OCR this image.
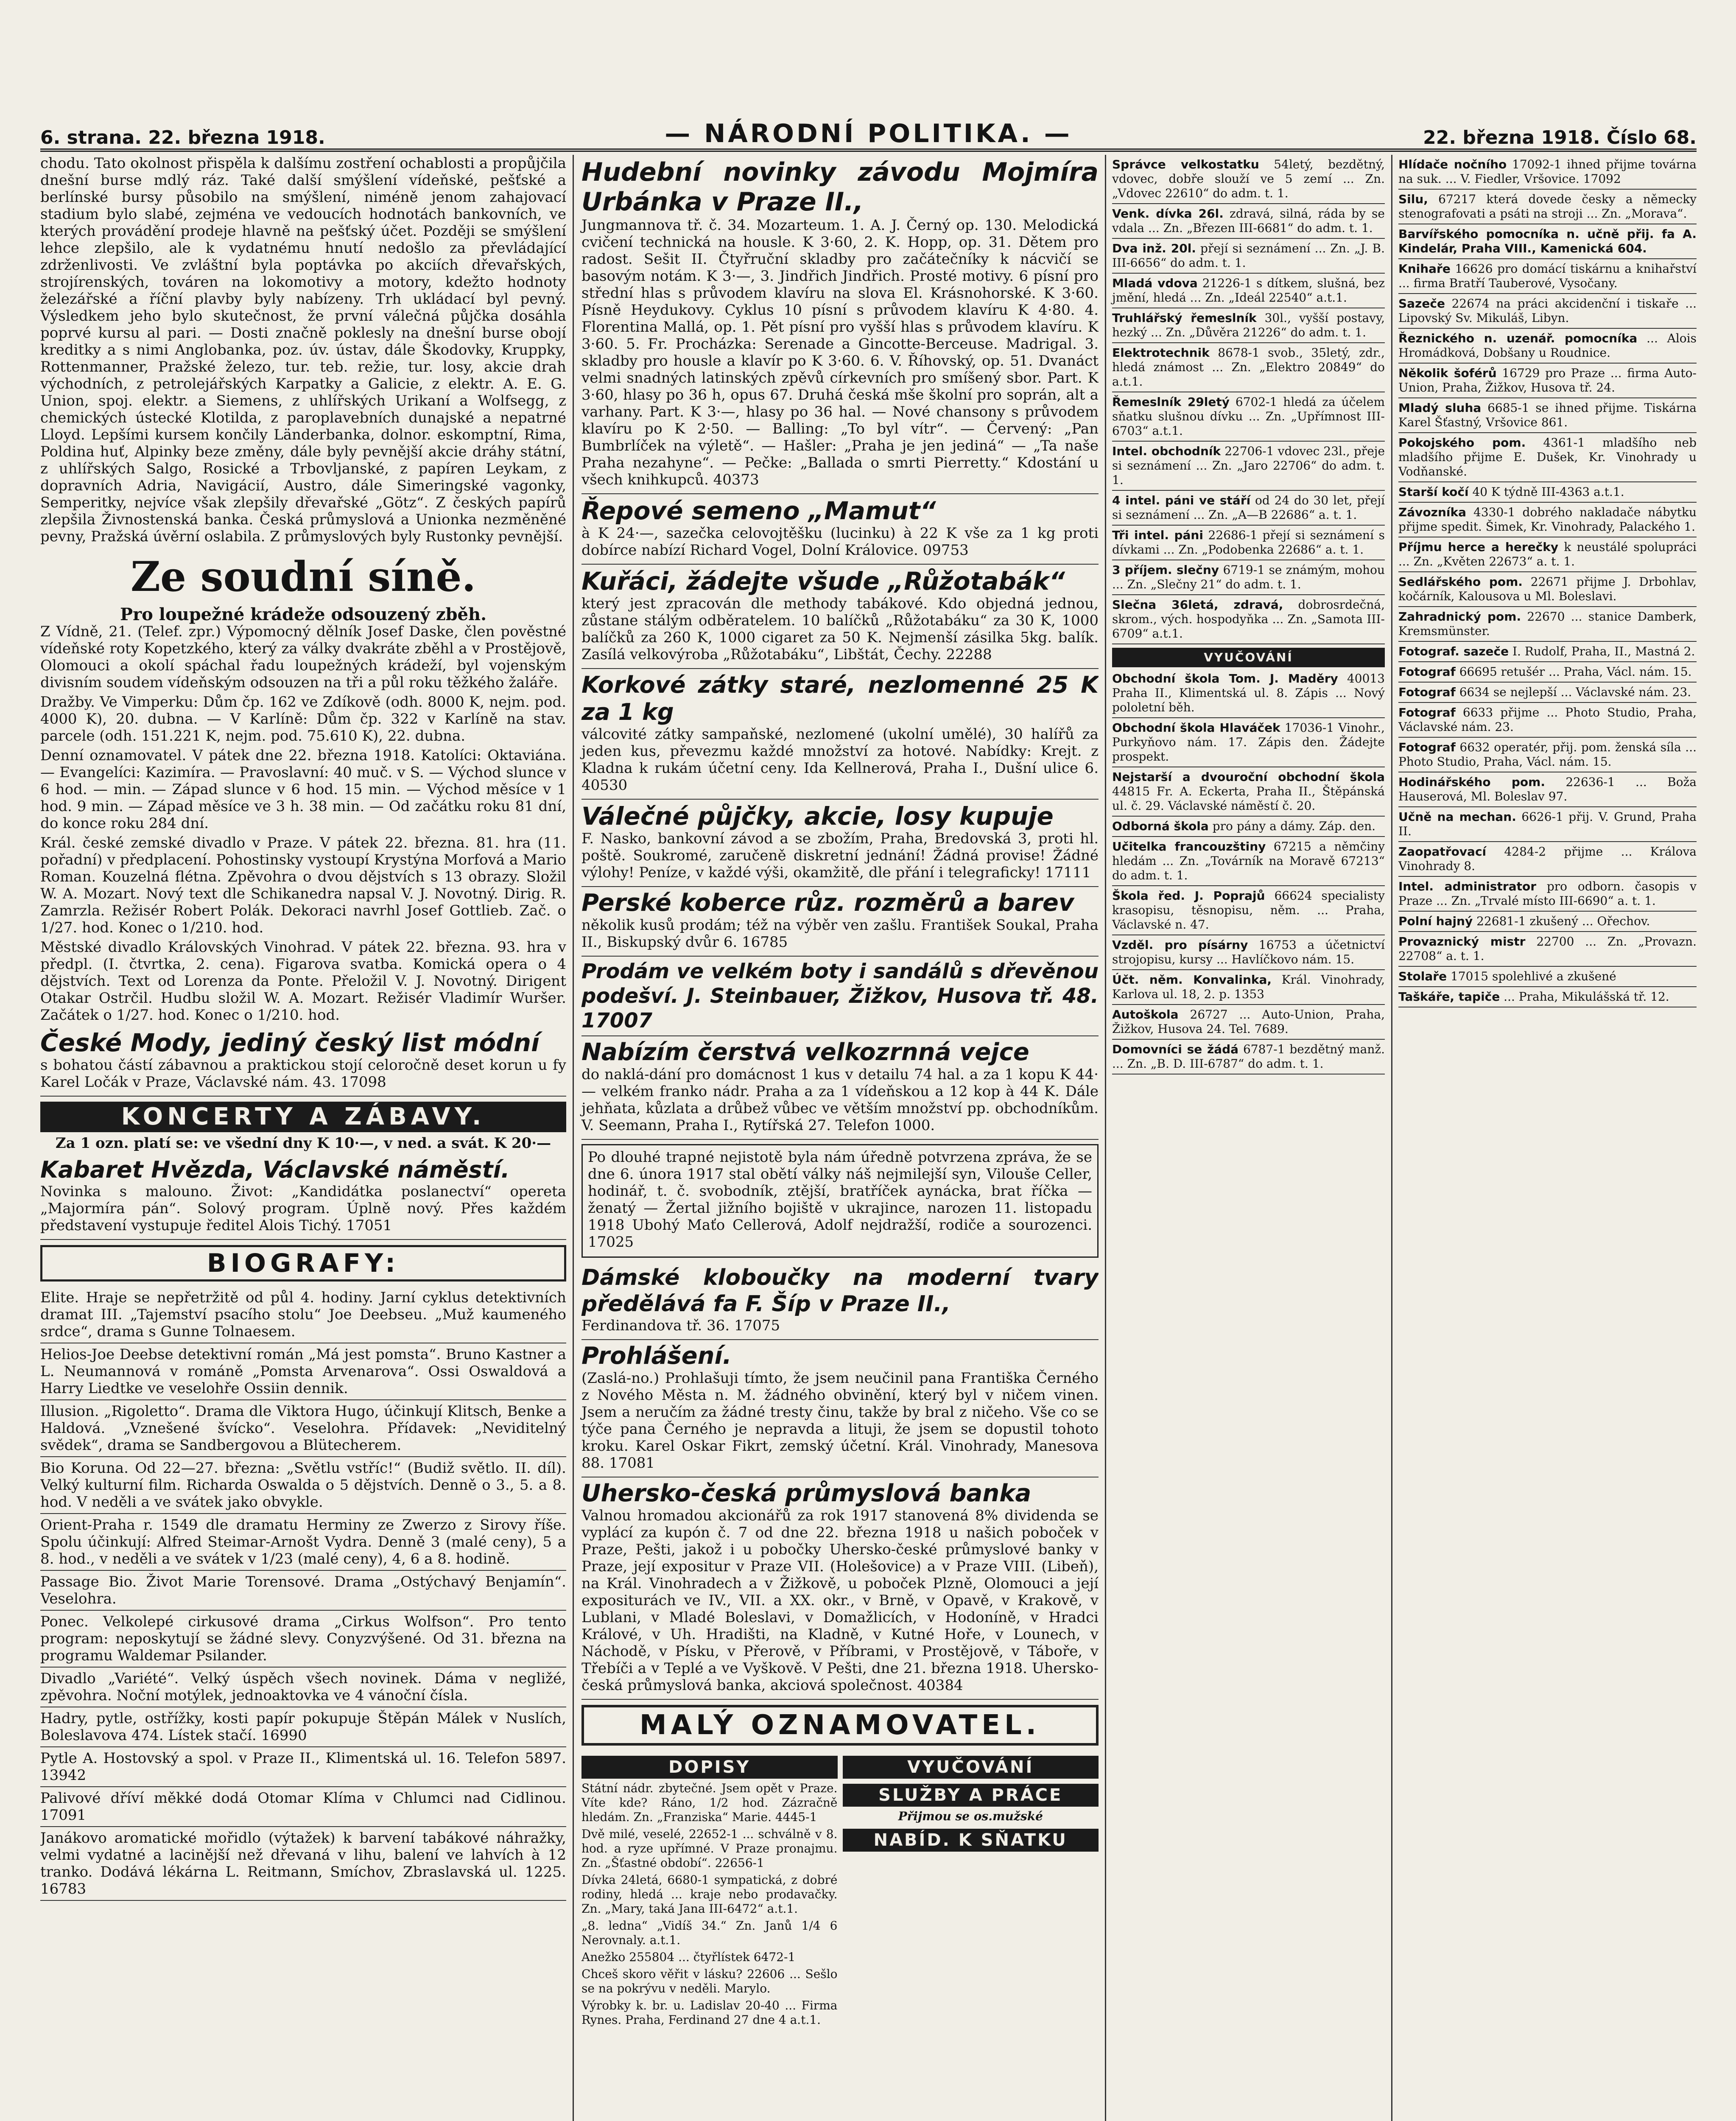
6. strana. 22. března 1918.	— NÁRODNÍ POLITIKA. —	22. března 1918. Číslo 68.

chodu. Tato okolnost přispěla k dalšímu zostření ochablosti a propůjčila dnešní burse mdlý ráz. Také další smýšlení vídeňské, pešťské a berlínské bursy působilo na smýšlení, niméně jenom zahajovací stadium bylo slabé, zejména ve vedoucích hodnotách bankovních, ve kterých provádění prodeje hlavně na pešťský účet. Později se smýšlení lehce zlepšilo, ale k vydatnému hnutí nedošlo za převládající zdrženlivosti. Ve zvláštní byla poptávka po akciích dřevařských, strojírenských, továren na lokomotivy a motory, kdežto hodnoty železářské a říční plavby byly nabízeny. Trh ukládací byl pevný. Výsledkem jeho bylo skutečnost, že první válečná půjčka dosáhla poprvé kursu al pari. — Dosti značně poklesly na dnešní burse obojí kreditky a s nimi Anglobanka, poz. úv. ústav, dále Škodovky, Kruppky, Rottenmanner, Pražské železo, tur. teb. režie, tur. losy, akcie drah východních, z petrolejářských Karpatky a Galicie, z elektr. A. E. G. Union, spoj. elektr. a Siemens, z uhlířských Urikaní a Wolfsegg, z chemických ústecké Klotilda, z paroplavebních dunajské a nepatrné Lloyd. Lepšími kursem končily Länderbanka, dolnor. eskomptní, Rima, Poldina huť, Alpinky beze změny, dále byly pevnější akcie dráhy státní, z uhlířských Salgo, Rosické a Trbovljanské, z papíren Leykam, z dopravních Adria, Navigácií, Austro, dále Simeringské vagonky, Semperitky, nejvíce však zlepšily dřevařské „Götz“. Z českých papírů zlepšila Živnostenská banka. Česká průmyslová a Unionka nezměněné pevny, Pražská úvěrní oslabila. Z průmyslových byly Rustonky pevnější.

Ze soudní síně.
Pro loupežné krádeže odsouzený zběh.

Z Vídně, 21. (Telef. zpr.) Výpomocný dělník Josef Daske, člen pověstné vídeňské roty Kopetzkého, který za války dvakráte zběhl a v Prostějově, Olomouci a okolí spáchal řadu loupežných krádeží, byl vojenským divisním soudem vídeňským odsouzen na tři a půl roku těžkého žaláře.

Dražby. Ve Vimperku: Dům čp. 162 ve Zdíkově (odh. 8000 K, nejm. pod. 4000 K), 20. dubna. — V Karlíně: Dům čp. 322 v Karlíně na stav. parcele (odh. 151.221 K, nejm. pod. 75.610 K), 22. dubna.

Denní oznamovatel. V pátek dne 22. března 1918. Katolíci: Oktaviána. — Evangelíci: Kazimíra. — Pravoslavní: 40 muč. v S. — Východ slunce v 6 hod. — min. — Západ slunce v 6 hod. 15 min. — Východ měsíce v 1 hod. 9 min. — Západ měsíce ve 3 h. 38 min. — Od začátku roku 81 dní, do konce roku 284 dní.

Král. české zemské divadlo v Praze. V pátek 22. března. 81. hra (11. pořadní) v předplacení. Pohostinsky vystoupí Krystýna Morfová a Mario Roman. Kouzelná flétna. Zpěvohra o dvou dějstvích s 13 obrazy. Složil W. A. Mozart. Nový text dle Schikanedra napsal V. J. Novotný. Dirig. R. Zamrzla. Režisér Robert Polák. Dekoraci navrhl Josef Gottlieb. Zač. o 1/27. hod. Konec o 1/210. hod.

Městské divadlo Královských Vinohrad. V pátek 22. března. 93. hra v předpl. (I. čtvrtka, 2. cena). Figarova svatba. Komická opera o 4 dějstvích. Text od Lorenza da Ponte. Přeložil V. J. Novotný. Dirigent Otakar Ostrčil. Hudbu složil W. A. Mozart. Režisér Vladimír Wuršer. Začátek o 1/27. hod. Konec o 1/210. hod.

České Mody, jediný český list módní

s bohatou částí zábavnou a praktickou stojí celoročně deset korun u fy Karel Ločák v Praze, Václavské nám. 43. 17098

KONCERTY A ZÁBAVY.

Za 1 ozn. platí se: ve všední dny K 10·—, v ned. a svát. K 20·—

Kabaret Hvězda, Václavské náměstí.

Novinka s malouno. Život: „Kandidátka poslanectví“ opereta „Majormíra pán“. Solový program. Úplně nový. Přes každém představení vystupuje ředitel Alois Tichý. 17051

BIOGRAFY:
Elite. Hraje se nepřetržitě od půl 4. hodiny. Jarní cyklus detektivních dramat III. „Tajemství psacího stolu“ Joe Deebseu. „Muž kaumeného srdce“, drama s Gunne Tolnaesem.
Helios-Joe Deebse detektivní román „Má jest pomsta“. Bruno Kastner a L. Neumannová v románě „Pomsta Arvenarova“. Ossi Oswaldová a Harry Liedtke ve veselohře Ossiin dennik.
Illusion. „Rigoletto“. Drama dle Viktora Hugo, účinkují Klitsch, Benke a Haldová. „Vznešené švícko“. Veselohra. Přídavek: „Neviditelný svědek“, drama se Sandbergovou a Blütecherem.
Bio Koruna. Od 22—27. března: „Světlu vstříc!“ (Budiž světlo. II. díl). Velký kulturní film. Richarda Oswalda o 5 dějstvích. Denně o 3., 5. a 8. hod. V neděli a ve svátek jako obvykle.
Orient-Praha r. 1549 dle dramatu Herminy ze Zwerzo z Sirovy říše. Spolu účinkují: Alfred Steimar-Arnošt Vydra. Denně 3 (malé ceny), 5 a 8. hod., v neděli a ve svátek v 1/23 (malé ceny), 4, 6 a 8. hodině.
Passage Bio. Život Marie Torensové. Drama „Ostýchavý Benjamín“. Veselohra.
Ponec. Velkolepé cirkusové drama „Cirkus Wolfson“. Pro tento program: neposkytují se žádné slevy. Conyzvýšené. Od 31. března na programu Waldemar Psilander.
Divadlo „Variété“. Velký úspěch všech novinek. Dáma v negližé, zpěvohra. Noční motýlek, jednoaktovka ve 4 vánoční čísla.
Hadry, pytle, ostřížky, kosti papír pokupuje Štěpán Málek v Nuslích, Boleslavova 474. Lístek stačí. 16990
Pytle A. Hostovský a spol. v Praze II., Klimentská ul. 16. Telefon 5897. 13942
Palivové dříví měkké dodá Otomar Klíma v Chlumci nad Cidlinou. 17091
Janákovo aromatické mořidlo (výtažek) k barvení tabákové náhražky, velmi vydatné a lacinější než dřevaná v lihu, balení ve lahvích à 12 tranko. Dodává lékárna L. Reitmann, Smíchov, Zbraslavská ul. 1225. 16783
Hudební novinky závodu Mojmíra Urbánka v Praze II.,

Jungmannova tř. č. 34. Mozarteum. 1. A. J. Černý op. 130. Melodická cvičení technická na housle. K 3·60, 2. K. Hopp, op. 31. Dětem pro radost. Sešit II. Čtyřruční skladby pro začátečníky k nácvičí se basovým notám. K 3·—, 3. Jindřich Jindřich. Prosté motivy. 6 písní pro střední hlas s průvodem klavíru na slova El. Krásnohorské. K 3·60. Písně Heydukovy. Cyklus 10 písní s průvodem klavíru K 4·80. 4. Florentina Mallá, op. 1. Pět písní pro vyšší hlas s průvodem klavíru. K 3·60. 5. Fr. Procházka: Serenade a Gincotte-Berceuse. Madrigal. 3. skladby pro housle a klavír po K 3·60. 6. V. Říhovský, op. 51. Dvanáct velmi snadných latinských zpěvů církevních pro smíšený sbor. Part. K 3·60, hlasy po 36 h, opus 67. Druhá česká mše školní pro soprán, alt a varhany. Part. K 3·—, hlasy po 36 hal. — Nové chansony s průvodem klavíru po K 2·50. — Balling: „To byl vítr“. — Červený: „Pan Bumbrlíček na výletě“. — Hašler: „Praha je jen jediná“ — „Ta naše Praha nezahyne“. — Pečke: „Ballada o smrti Pierretty.“ Kdostání u všech knihkupců. 40373

Řepové semeno „Mamut“

à K 24·—, sazečka celovojtěšku (lucinku) à 22 K vše za 1 kg proti dobírce nabízí Richard Vogel, Dolní Královice. 09753

Kuřáci, žádejte všude „Růžotabák“

který jest zpracován dle methody tabákové. Kdo objedná jednou, zůstane stálým odběratelem. 10 balíčků „Růžotabáku“ za 30 K, 1000 balíčků za 260 K, 1000 cigaret za 50 K. Nejmenší zásilka 5kg. balík. Zasílá velkovýroba „Růžotabáku“, Libštát, Čechy. 22288

Korkové zátky staré, nezlomenné 25 K za 1 kg

válcovité zátky sampaňské, nezlomené (ukolní umělé), 30 halířů za jeden kus, převezmu každé množství za hotové. Nabídky: Krejt. z Kladna k rukám účetní ceny. Ida Kellnerová, Praha I., Dušní ulice 6. 40530

Válečné půjčky, akcie, losy kupuje

F. Nasko, bankovní závod a se zbožím, Praha, Bredovská 3, proti hl. poště. Soukromé, zaručeně diskretní jednání! Žádná provise! Žádné výlohy! Peníze, v každé výši, okamžitě, dle přání i telegraficky! 17111

Perské koberce růz. rozměrů a barev

několik kusů prodám; též na výběr ven zašlu. František Soukal, Praha II., Biskupský dvůr 6. 16785

Prodám ve velkém boty i sandálů s dřevěnou podešví. J. Steinbauer, Žižkov, Husova tř. 48. 17007
Nabízím čerstvá velkozrnná vejce

do naklá-dání pro domácnost 1 kus v detailu 74 hal. a za 1 kopu K 44·— velkém franko nádr. Praha a za 1 vídeňskou a 12 kop à 44 K. Dále jehňata, kůzlata a drůbež vůbec ve větším množství pp. obchodníkům. V. Seemann, Praha I., Rytířská 27. Telefon 1000.

Po dlouhé trapné nejistotě byla nám úředně potvrzena zpráva, že se dne 6. února 1917 stal obětí války náš nejmilejší syn, Vilouše Celler, hodinář, t. č. svobodník, ztější, bratříček aynácka, brat říčka — ženatý — Žertal jižního bojiště v ukrajince, narozen 11. listopadu 1918 Ubohý Maťo Cellerová, Adolf nejdražší, rodiče a sourozenci. 17025

Dámské kloboučky na moderní tvary předělává fa F. Šíp v Praze II.,

Ferdinandova tř. 36. 17075

Prohlášení.

(Zaslá-no.) Prohlašuji tímto, že jsem neučinil pana Františka Černého z Nového Města n. M. žádného obvinění, který byl v ničem vinen. Jsem a neručím za žádné tresty činu, takže by bral z ničeho. Vše co se týče pana Černého je nepravda a lituji, že jsem se dopustil tohoto kroku. Karel Oskar Fikrt, zemský účetní. Král. Vinohrady, Manesova 88. 17081

Uhersko-česká průmyslová banka

Valnou hromadou akcionářů za rok 1917 stanovená 8% dividenda se vyplácí za kupón č. 7 od dne 22. března 1918 u našich poboček v Praze, Pešti, jakož i u pobočky Uhersko-české průmyslové banky v Praze, její expositur v Praze VII. (Holešovice) a v Praze VIII. (Libeň), na Král. Vinohradech a v Žižkově, u poboček Plzně, Olomouci a její expositurách ve IV., VII. a XX. okr., v Brně, v Opavě, v Krakově, v Lublani, v Mladé Boleslavi, v Domažlicích, v Hodoníně, v Hradci Králové, v Uh. Hradišti, na Kladně, v Kutné Hoře, v Lounech, v Náchodě, v Písku, v Přerově, v Příbrami, v Prostějově, v Táboře, v Třebíči a v Teplé a ve Vyškově. V Pešti, dne 21. března 1918. Uhersko-česká průmyslová banka, akciová společnost. 40384

MALÝ OZNAMOVATEL.
DOPISY

Státní nádr. zbytečné. Jsem opět v Praze. Víte kde? Ráno, 1/2 hod. Zázračně hledám. Zn. „Franziska“ Marie. 4445-1

Dvě milé, veselé, 22652-1 ... schválně v 8. hod. a ryze upřímné. V Praze pronajmu. Zn. „Šťastné období“. 22656-1

Dívka 24letá, 6680-1 sympatická, z dobré rodiny, hledá ... kraje nebo prodavačky. Zn. „Mary, taká Jana III-6472“ a.t.1.

„8. ledna“ „Vidíš 34.“ Zn. Janů 1/4 6 Nerovnaly. a.t.1.

Anežko 255804 ... čtyřlístek 6472-1

Chceš skoro věřit v lásku? 22606 ... Sešlo se na pokrývu v neděli. Marylo.

Výrobky k. br. u. Ladislav 20-40 ... Firma Rynes. Praha, Ferdinand 27 dne 4 a.t.1.

VYUČOVÁNÍ
SLUŽBY A PRÁCE

Přijmou se os.mužské

NABÍD. K SŇATKU
Správce velkostatku 54letý, bezdětný, vdovec, dobře slouží ve 5 zemí ... Zn. „Vdovec 22610“ do adm. t. 1.
Venk. dívka 26l. zdravá, silná, ráda by se vdala ... Zn. „Březen III-6681“ do adm. t. 1.
Dva inž. 20l. přejí si seznámení ... Zn. „J. B. III-6656“ do adm. t. 1.
Mladá vdova 21226-1 s dítkem, slušná, bez jmění, hledá ... Zn. „Ideál 22540“ a.t.1.
Truhlářský řemeslník 30l., vyšší postavy, hezký ... Zn. „Důvěra 21226“ do adm. t. 1.
Elektrotechnik 8678-1 svob., 35letý, zdr., hledá známost ... Zn. „Elektro 20849“ do a.t.1.
Řemeslník 29letý 6702-1 hledá za účelem sňatku slušnou dívku ... Zn. „Upřímnost III-6703“ a.t.1.
Intel. obchodník 22706-1 vdovec 23l., přeje si seznámení ... Zn. „Jaro 22706“ do adm. t. 1.
4 intel. páni ve stáří od 24 do 30 let, přejí si seznámení ... Zn. „A—B 22686“ a. t. 1.
Tři intel. páni 22686-1 přejí si seznámení s dívkami ... Zn. „Podobenka 22686“ a. t. 1.
3 příjem. slečny 6719-1 se známým, mohou ... Zn. „Slečny 21“ do adm. t. 1.
Slečna 36letá, zdravá, dobrosrdečná, skrom., vých. hospodyňka ... Zn. „Samota III-6709“ a.t.1.
VYUČOVÁNÍ
Obchodní škola Tom. J. Maděry 40013 Praha II., Klimentská ul. 8. Zápis ... Nový pololetní běh.
Obchodní škola Hlaváček 17036-1 Vinohr., Purkyňovo nám. 17. Zápis den. Žádejte prospekt.
Nejstarší a dvouroční obchodní škola 44815 Fr. A. Eckerta, Praha II., Štěpánská ul. č. 29. Václavské náměstí č. 20.
Odborná škola pro pány a dámy. Záp. den.
Učitelka francouzštiny 67215 a němčiny hledám ... Zn. „Továrník na Moravě 67213“ do adm. t. 1.
Škola řed. J. Poprajů 66624 specialisty krasopisu, těsnopisu, něm. ... Praha, Václavské n. 47.
Vzděl. pro písárny 16753 a účetnictví strojopisu, kursy ... Havlíčkovo nám. 15.
Účt. něm. Konvalinka, Král. Vinohrady, Karlova ul. 18, 2. p. 1353
Autoškola 26727 ... Auto-Union, Praha, Žižkov, Husova 24. Tel. 7689.
Domovníci se žádá 6787-1 bezdětný manž. ... Zn. „B. D. III-6787“ do adm. t. 1.
Hlídače nočního 17092-1 ihned přijme továrna na suk. ... V. Fiedler, Vršovice. 17092
Silu, 67217 která dovede česky a německy stenografovati a psáti na stroji ... Zn. „Morava“.
Barvířského pomocníka n. učně přij. fa A. Kindelár, Praha VIII., Kamenická 604.
Knihaře 16626 pro domácí tiskárnu a knihařství ... firma Bratří Tauberové, Vysočany.
Sazeče 22674 na práci akcidenční i tiskaře ... Lipovský Sv. Mikuláš, Libyn.
Řeznického n. uzenář. pomocníka ... Alois Hromádková, Dobšany u Roudnice.
Několik šoférů 16729 pro Praze ... firma Auto-Union, Praha, Žižkov, Husova tř. 24.
Mladý sluha 6685-1 se ihned přijme. Tiskárna Karel Šťastný, Vršovice 861.
Pokojského pom. 4361-1 mladšího neb mladšího přijme E. Dušek, Kr. Vinohrady u Vodňanské.
Starší kočí 40 K týdně III-4363 a.t.1.
Závozníka 4330-1 dobrého nakladače nábytku přijme spedit. Šimek, Kr. Vinohrady, Palackého 1.
Příjmu herce a herečky k neustálé spolupráci ... Zn. „Květen 22673“ a. t. 1.
Sedlářského pom. 22671 přijme J. Drbohlav, kočárník, Kalousova u Ml. Boleslavi.
Zahradnický pom. 22670 ... stanice Damberk, Kremsmünster.
Fotograf. sazeče I. Rudolf, Praha, II., Mastná 2.
Fotograf 66695 retušér ... Praha, Václ. nám. 15.
Fotograf 6634 se nejlepší ... Václavské nám. 23.
Fotograf 6633 přijme ... Photo Studio, Praha, Václavské nám. 23.
Fotograf 6632 operatér, přij. pom. ženská síla ... Photo Studio, Praha, Václ. nám. 15.
Hodinářského pom. 22636-1 ... Boža Hauserová, Ml. Boleslav 97.
Učně na mechan. 6626-1 přij. V. Grund, Praha II.
Zaopatřovací 4284-2 přijme ... Králova Vinohrady 8.
Intel. administrator pro odborn. časopis v Praze ... Zn. „Trvalé místo III-6690“ a. t. 1.
Polní hajný 22681-1 zkušený ... Ořechov.
Provaznický mistr 22700 ... Zn. „Provazn. 22708“ a. t. 1.
Stolaře 17015 spolehlivé a zkušené
Taškáře, tapiče ... Praha, Mikulášská tř. 12.
